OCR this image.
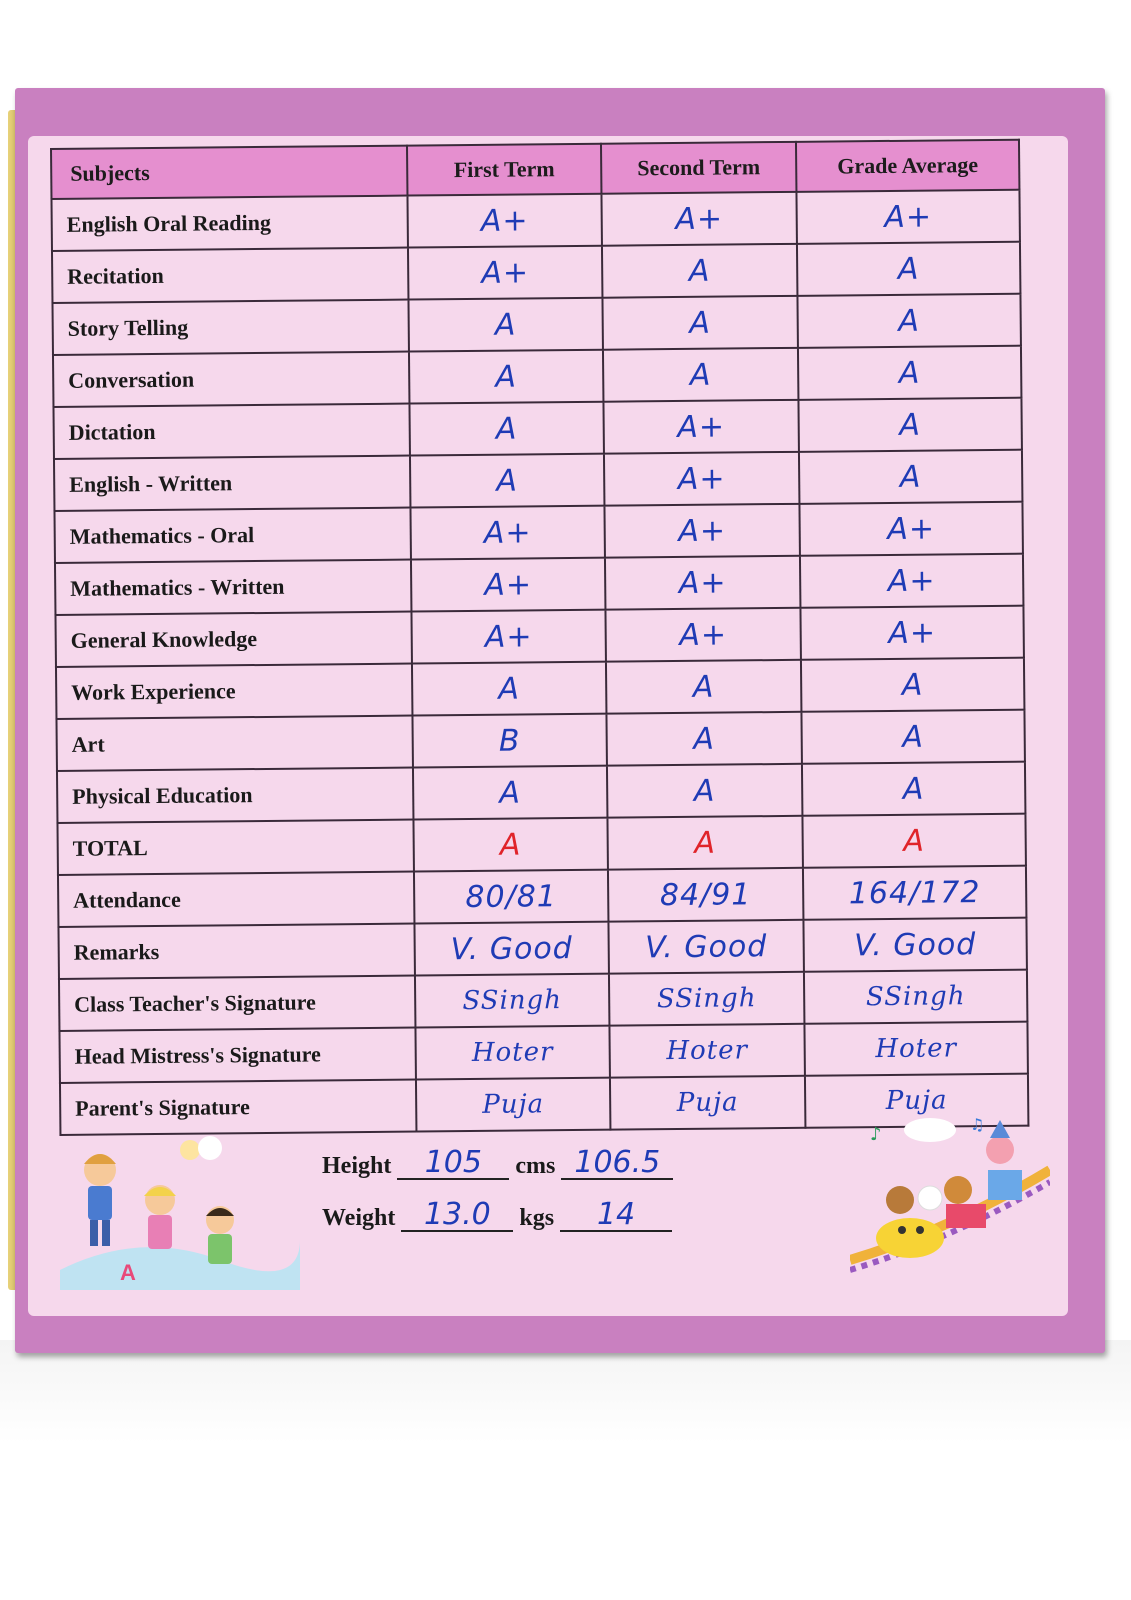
Subjects	First Term	Second Term	Grade Average
English Oral Reading	A+	A+	A+
Recitation	A+	A	A
Story Telling	A	A	A
Conversation	A	A	A
Dictation	A	A+	A
English - Written	A	A+	A
Mathematics - Oral	A+	A+	A+
Mathematics - Written	A+	A+	A+
General Knowledge	A+	A+	A+
Work Experience	A	A	A
Art	B	A	A
Physical Education	A	A	A
TOTAL	A	A	A
Attendance	80/81	84/91	164/172
Remarks	V. Good	V. Good	V. Good
Class Teacher's Signature	SSingh	SSingh	SSingh
Head Mistress's Signature	Hoter	Hoter	Hoter
Parent's Signature	Puja	Puja	Puja
Height 105 cms 106.5
Weight 13.0 kgs 14
A
♪	♫
